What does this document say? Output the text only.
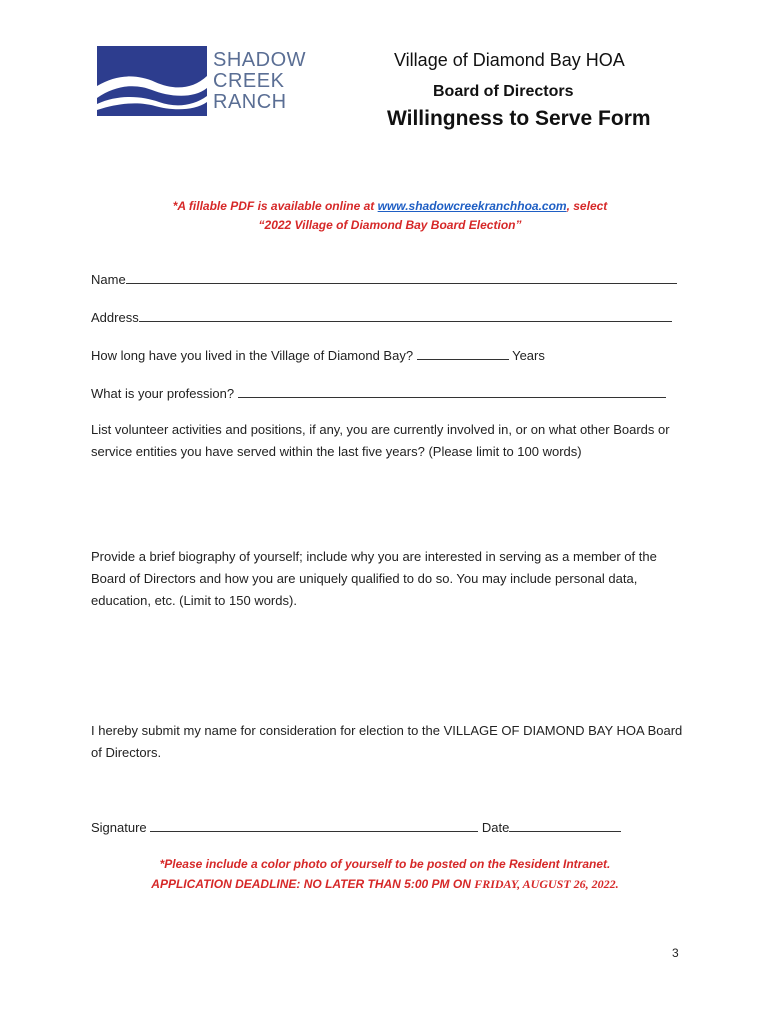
SHADOW
CREEK
RANCH
Village of Diamond Bay HOA
Board of Directors
Willingness to Serve Form
*A fillable PDF is available online at www.shadowcreekranchhoa.com, select
“2022 Village of Diamond Bay Board Election”
Name
Address
How long have you lived in the Village of Diamond Bay?	Years
What is your profession?
List volunteer activities and positions, if any, you are currently involved in, or on what other Boards or service entities you have served within the last five years? (Please limit to 100 words)
Provide a brief biography of yourself; include why you are interested in serving as a member of the Board of Directors and how you are uniquely qualified to do so. You may include personal data, education, etc. (Limit to 150 words).
I hereby submit my name for consideration for election to the VILLAGE OF DIAMOND BAY HOA Board of Directors.
Signature	Date
*Please include a color photo of yourself to be posted on the Resident Intranet.
APPLICATION DEADLINE: NO LATER THAN 5:00 PM ON FRIDAY, AUGUST 26, 2022.
3
